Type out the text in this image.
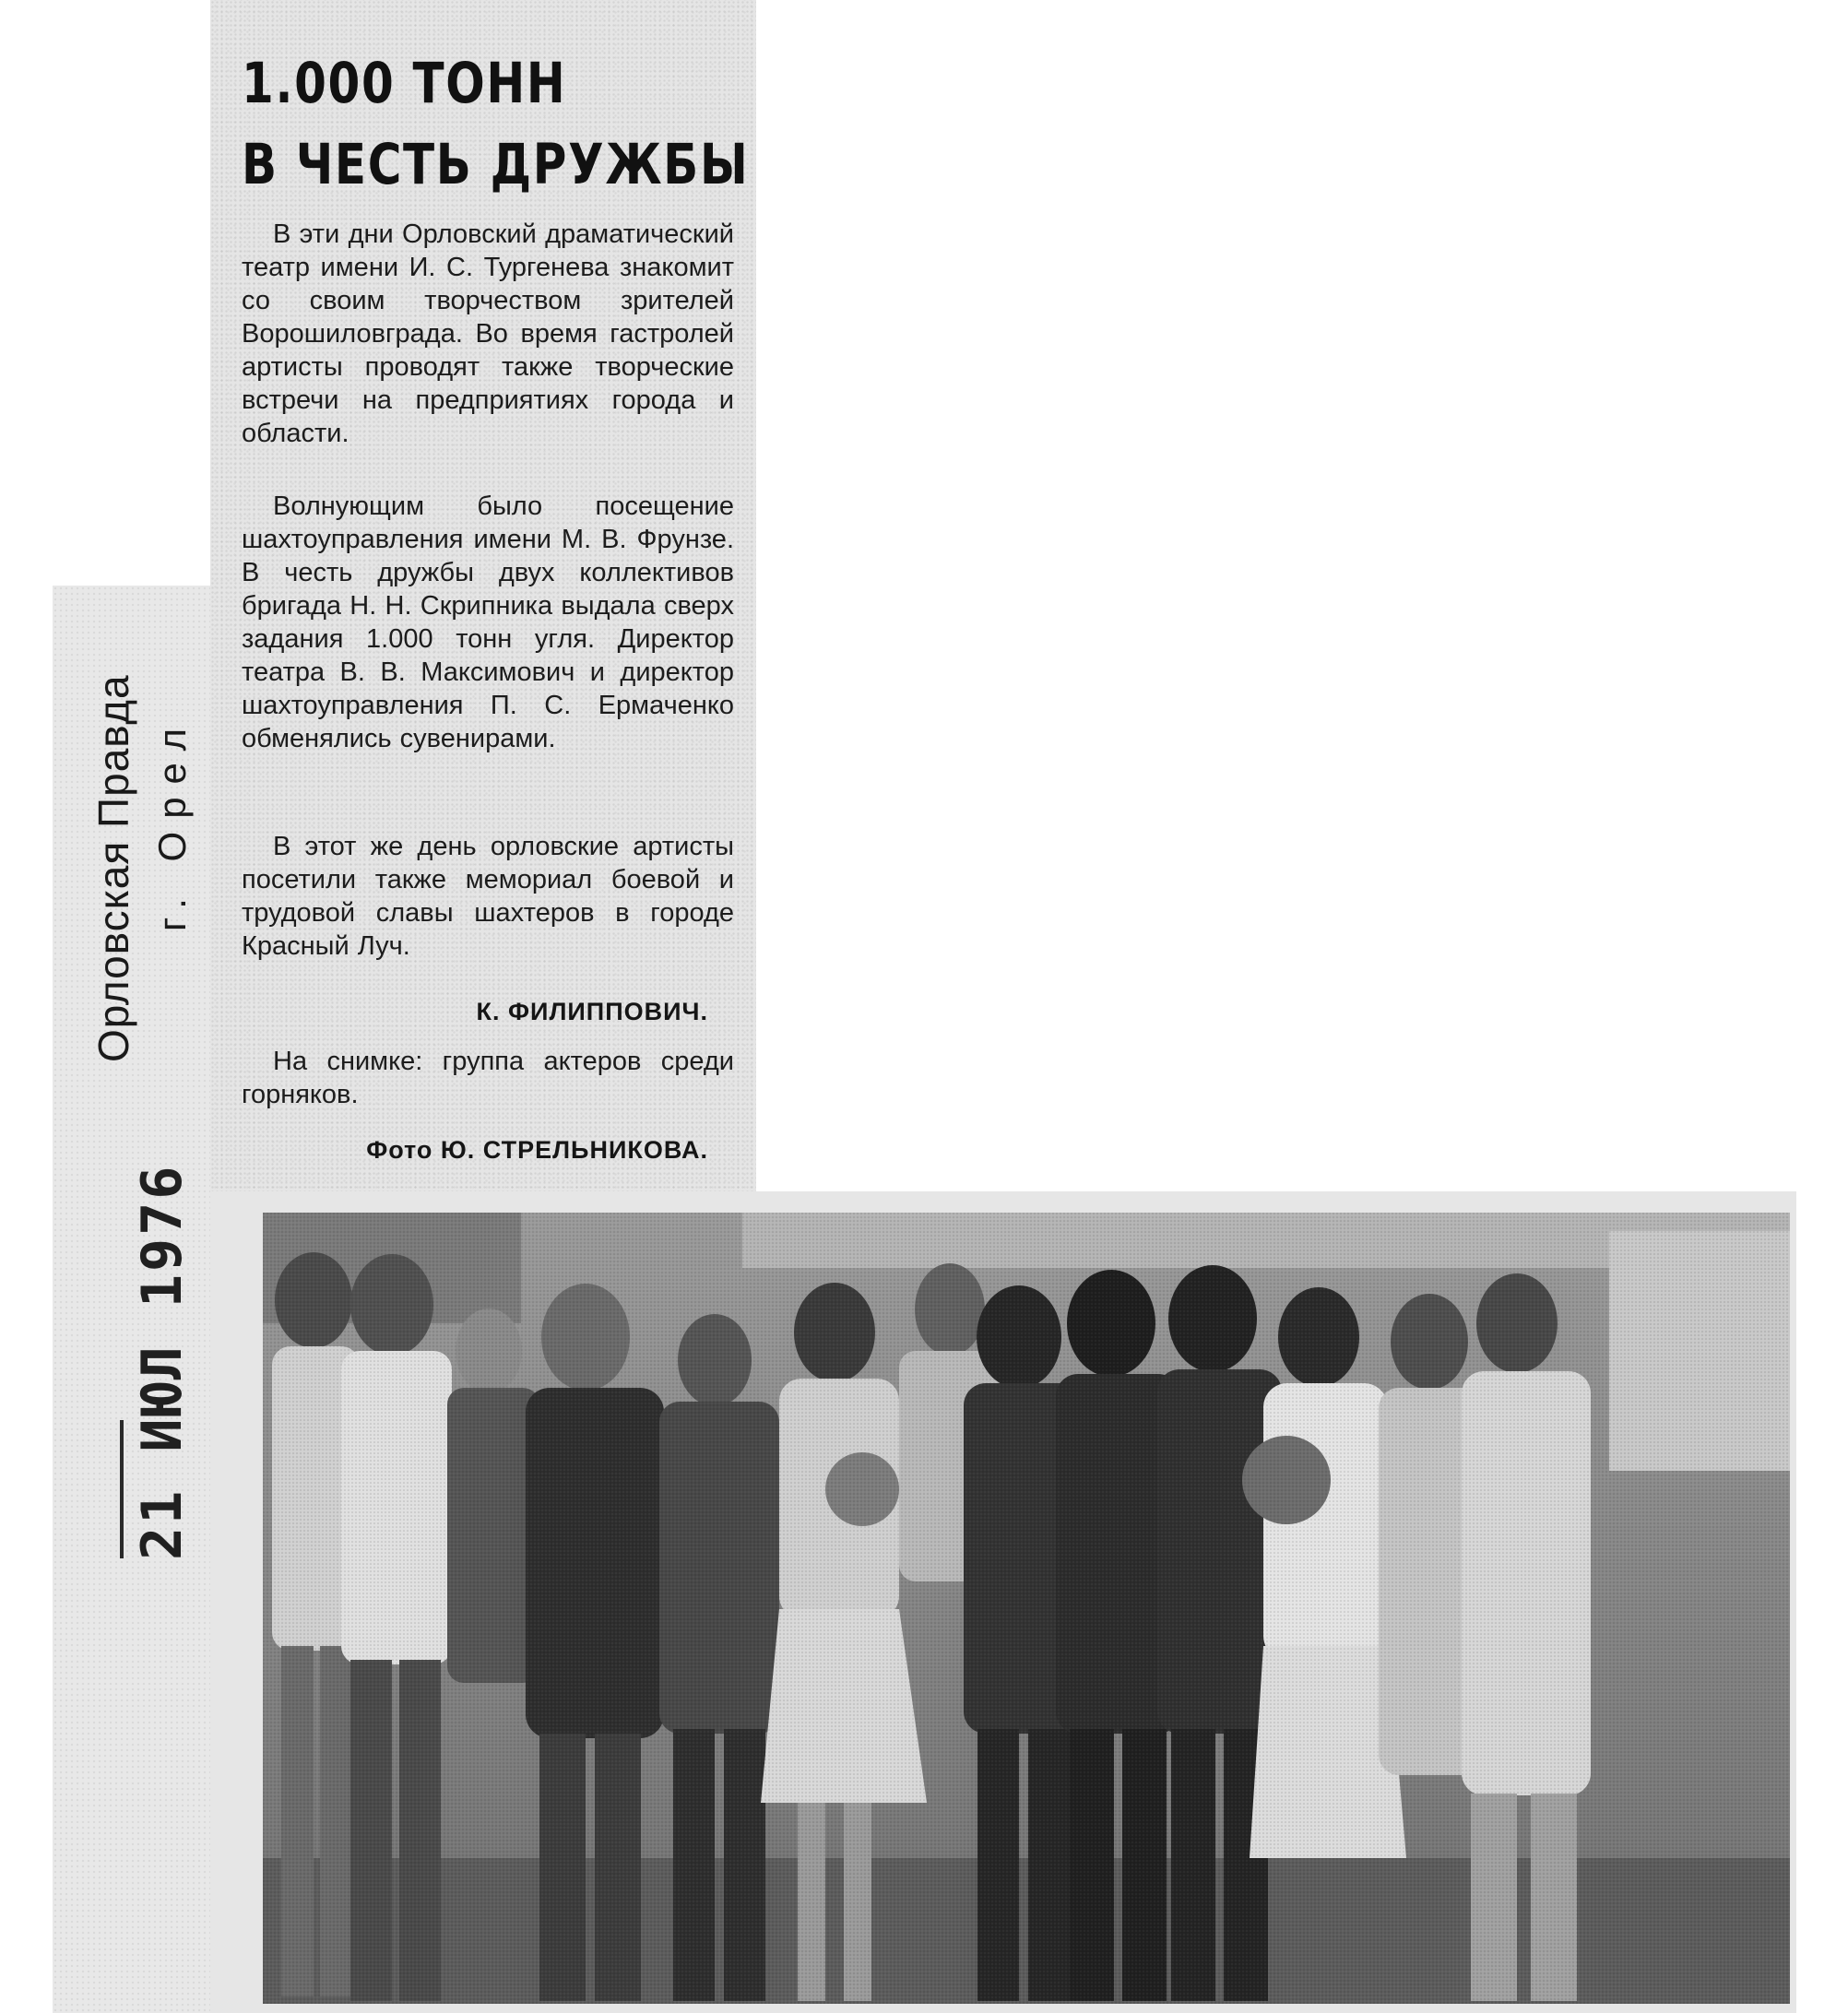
1.000 ТОНН
В ЧЕСТЬ ДРУЖБЫ
В эти дни Орловский драматический театр имени И. С. Тургенева знакомит со своим творчеством зрителей Ворошиловграда. Во время гастролей артисты проводят также творческие встречи на предприятиях города и области.
Волнующим было посещение шахтоуправления имени М. В. Фрунзе. В честь дружбы двух коллективов бригада Н. Н. Скрипника выдала сверх задания 1.000 тонн угля. Директор театра В. В. Максимович и директор шахтоуправления П. С. Ермаченко обменялись сувенирами.
В этот же день орловские артисты посетили также мемориал боевой и трудовой славы шахтеров в городе Красный Луч.
К. ФИЛИППОВИЧ.
На снимке: группа актеров среди горняков.
Фото Ю. СТРЕЛЬНИКОВА.
Орловская Правда г. Орел
21 ИЮЛ 1976
